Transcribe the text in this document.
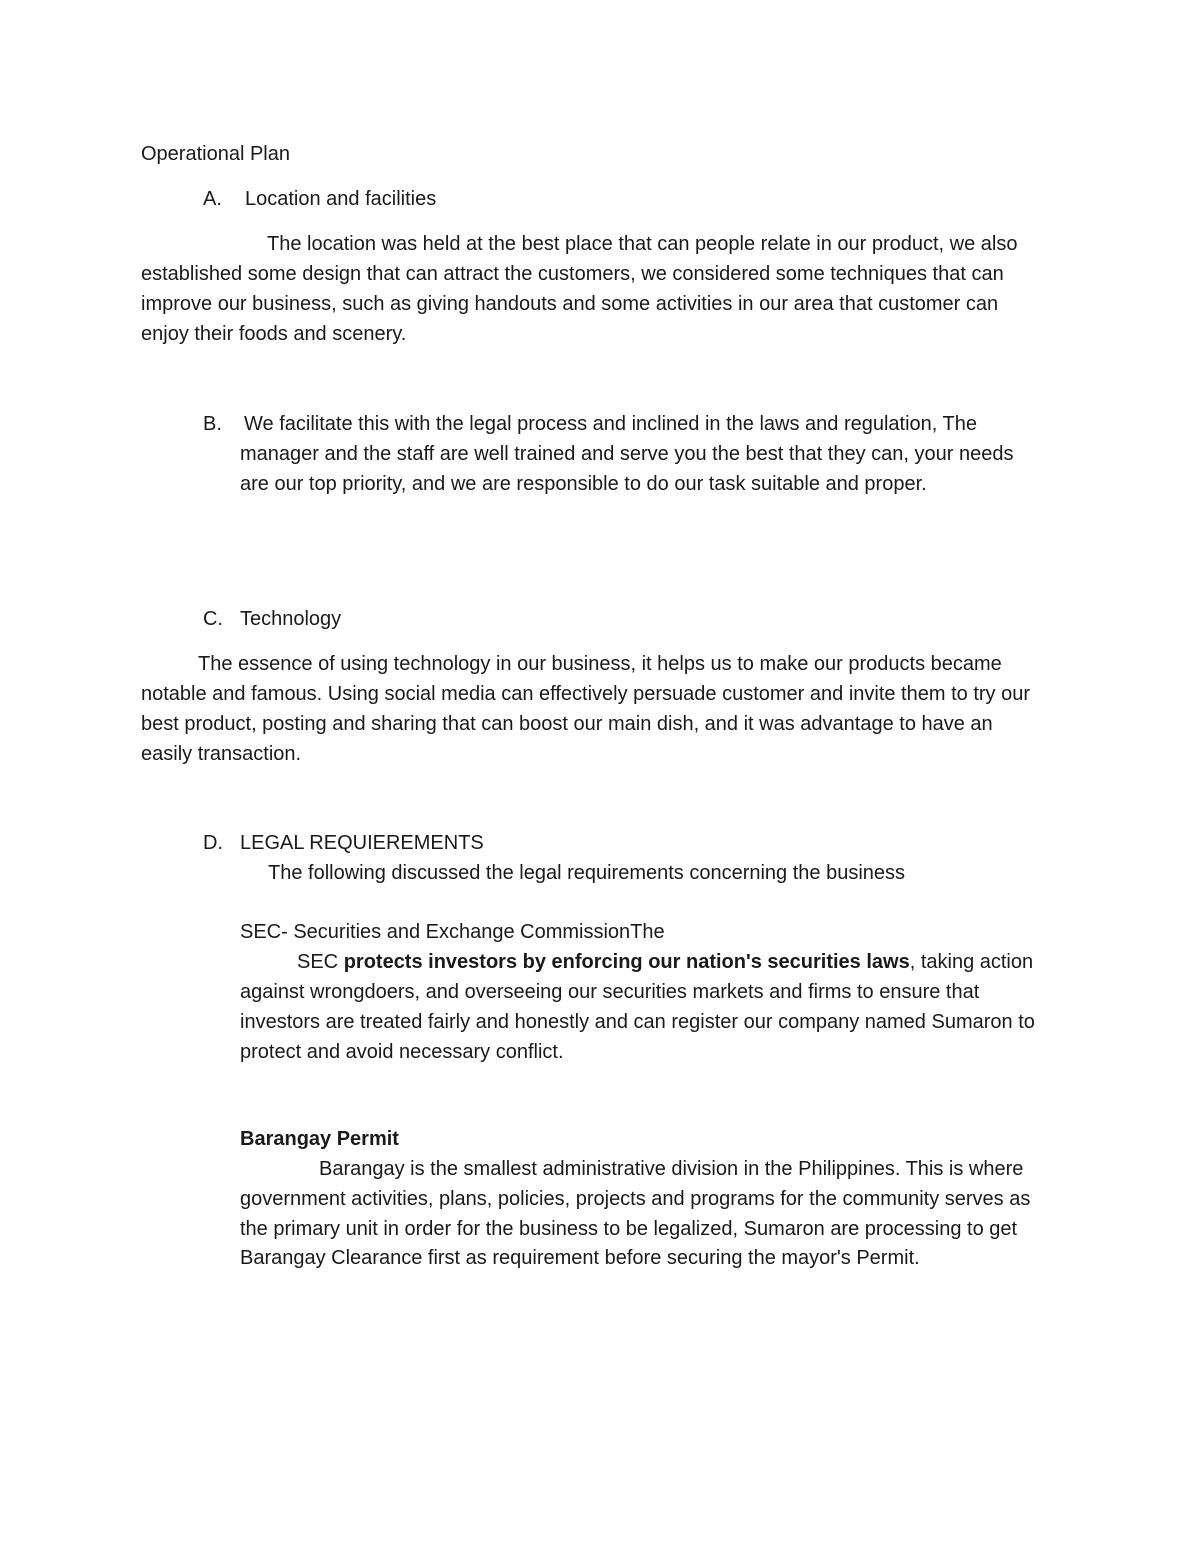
Operational Plan
A. Location and facilities
The location was held at the best place that can people relate in our product, we also
established some design that can attract the customers, we considered some techniques that can
improve our business, such as giving handouts and some activities in our area that customer can
enjoy their foods and scenery.
B. We facilitate this with the legal process and inclined in the laws and regulation, The
manager and the staff are well trained and serve you the best that they can, your needs
are our top priority, and we are responsible to do our task suitable and proper.
C. Technology
The essence of using technology in our business, it helps us to make our products became
notable and famous. Using social media can effectively persuade customer and invite them to try our
best product, posting and sharing that can boost our main dish, and it was advantage to have an
easily transaction.
D. LEGAL REQUIEREMENTS
The following discussed the legal requirements concerning the business
SEC- Securities and Exchange CommissionThe
SEC protects investors by enforcing our nation's securities laws, taking action
against wrongdoers, and overseeing our securities markets and firms to ensure that
investors are treated fairly and honestly and can register our company named Sumaron to
protect and avoid necessary conflict.
Barangay Permit
Barangay is the smallest administrative division in the Philippines. This is where
government activities, plans, policies, projects and programs for the community serves as
the primary unit in order for the business to be legalized, Sumaron are processing to get
Barangay Clearance first as requirement before securing the mayor's Permit.
